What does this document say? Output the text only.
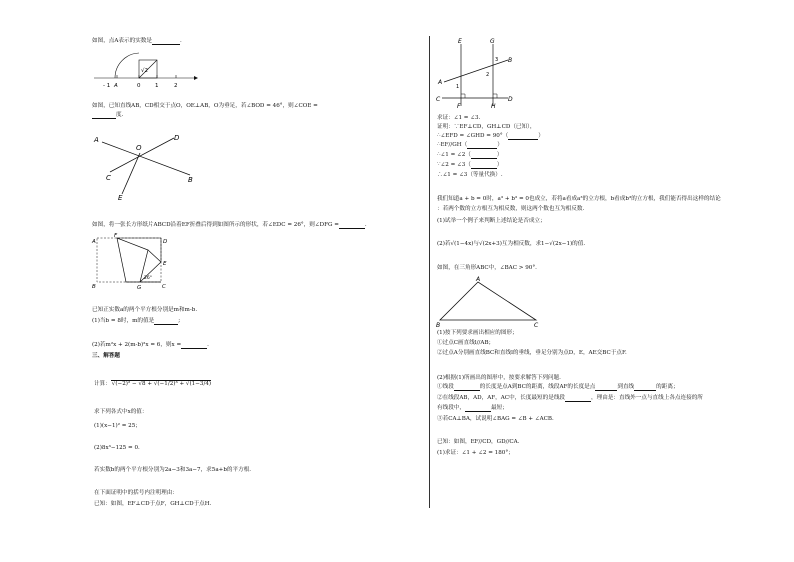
如图，点A表示的实数是	.
- 1 A	0	1	2
√2
如图，已知直线AB，CD相交于点O，OE⊥AB，O为垂足，若∠BOD = 46°，则∠COE =
度.
A
B
C
D
E
O
如图，将一张长方形纸片ABCD沿着EF折叠后得到如图所示的形状，若∠EDC = 26°，则∠DFG =	.
A
B	C
D
E
F
G
26°
已知正实数a的两个平方根分别是m和m-b.
(1)当b = 8时，m的值是	;
(2)若m²x + 2(m-b)²x = 6，则x =	.
三、解答题
计算：√(−2)² − √8 + √(−1/2)³ + √(1−3/4)
求下列各式中x的值：
(1)(x−1)² = 25；
(2)8x³−125 = 0.
若实数b的两个平方根分别为2a−3和3a−7，求5a+b的平方根.
在下面证明中的括号内注明理由：
已知：如图，EF⊥CD于点F，GH⊥CD于点H.
E	G
A
B
C	D
F	H
1
2
3
求证：∠1 = ∠3.
证明：∵EF⊥CD，GH⊥CD（已知），
∴∠EFD = ∠GHD = 90°（	）
∴EF//GH（	）
∴∠1 = ∠2（	）
∵∠2 = ∠3（	）
∴∠1 = ∠3（等量代换）.
我们知道a + b = 0时，a³ + b³ = 0也成立，若将a看成a³的立方根，b看成b³的立方根，我们能否得出这样的结论
：若两个数的立方根互为相反数，则这两个数也互为相反数.
(1)试举一个例子来判断上述结论是否成立；
(2)若√(1−4x)与√(2x+3)互为相反数，求1−√(2x−1)的值.
如图，在三角形ABC中，∠BAC > 90°.
A
B	C
(1)按下列要求画出相应的图形；
①过点C画直线l//AB；
②过点A分别画直线BC和直线l的垂线，垂足分别为点D，E，AE交BC于点F.
(2)根据(1)所画出的图形中，按要求解答下列问题.
①线段	的长度是点A到BC的距离，线段AF的长度是点	到直线	的距离；
②在线段AB，AD，AF，AC中，长度最短的是线段	，理由是：直线外一点与直线上各点连接的所
有线段中，	最短；
③若CA⊥BA，试说明∠BAG = ∠B + ∠ACB.
已知：如图，EF//CD，GD//CA.
(1)求证：∠1 + ∠2 = 180°；
